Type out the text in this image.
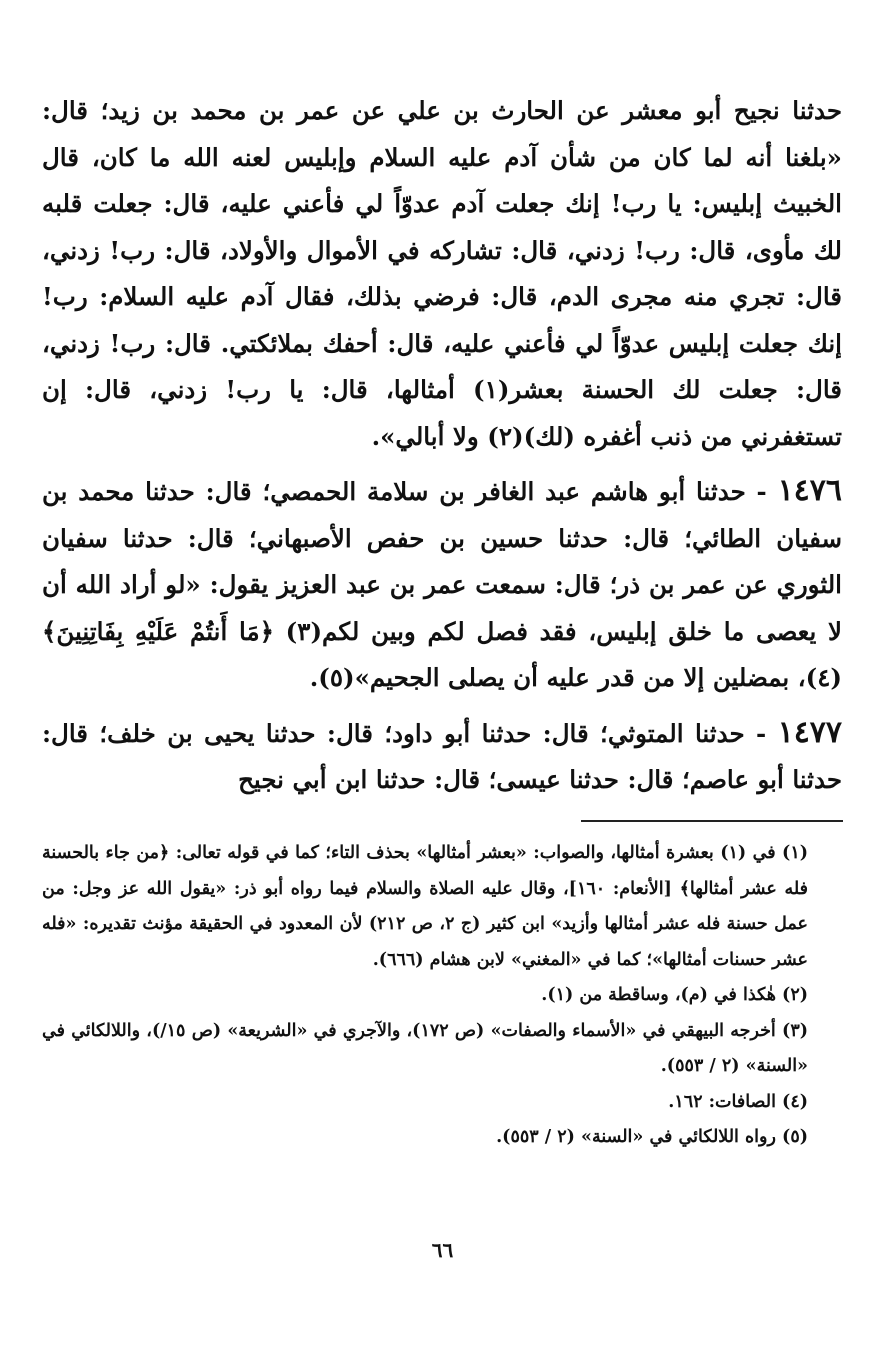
حدثنا نجيح أبو معشر عن الحارث بن علي عن عمر بن محمد بن زيد؛ قال: «بلغنا أنه لما كان من شأن آدم عليه السلام وإبليس لعنه الله ما كان، قال الخبيث إبليس: يا رب! إنك جعلت آدم عدوّاً لي فأعني عليه، قال: جعلت قلبه لك مأوى، قال: رب! زدني، قال: تشاركه في الأموال والأولاد، قال: رب! زدني، قال: تجري منه مجرى الدم، قال: فرضي بذلك، فقال آدم عليه السلام: رب! إنك جعلت إبليس عدوّاً لي فأعني عليه، قال: أحفك بملائكتي. قال: رب! زدني، قال: جعلت لك الحسنة بعشر(١) أمثالها، قال: يا رب! زدني، قال: إن تستغفرني من ذنب أغفره (لك)(٢) ولا أبالي».

١٤٧٦ - حدثنا أبو هاشم عبد الغافر بن سلامة الحمصي؛ قال: حدثنا محمد بن سفيان الطائي؛ قال: حدثنا حسين بن حفص الأصبهاني؛ قال: حدثنا سفيان الثوري عن عمر بن ذر؛ قال: سمعت عمر بن عبد العزيز يقول: «لو أراد الله أن لا يعصى ما خلق إبليس، فقد فصل لكم وبين لكم(٣) ﴿مَا أَنتُمْ عَلَيْهِ بِفَاتِنِينَ﴾(٤)، بمضلين إلا من قدر عليه أن يصلى الجحيم»(٥).

١٤٧٧ - حدثنا المتوثي؛ قال: حدثنا أبو داود؛ قال: حدثنا يحيى بن خلف؛ قال: حدثنا أبو عاصم؛ قال: حدثنا عيسى؛ قال: حدثنا ابن أبي نجيح

(١) في (١) بعشرة أمثالها، والصواب: «بعشر أمثالها» بحذف التاء؛ كما في قوله تعالى: ﴿من جاء بالحسنة فله عشر أمثالها﴾ [الأنعام: ١٦٠]، وقال عليه الصلاة والسلام فيما رواه أبو ذر: «يقول الله عز وجل: من عمل حسنة فله عشر أمثالها وأزيد» ابن كثير (ج ٢، ص ٢١٢) لأن المعدود في الحقيقة مؤنث تقديره: «فله عشر حسنات أمثالها»؛ كما في «المغني» لابن هشام (٦٦٦).

(٢) هٰكذا في (م)، وساقطة من (١).

(٣) أخرجه البيهقي في «الأسماء والصفات» (ص ١٧٢)، والآجري في «الشريعة» (ص ١٥/)، واللالكائي في «السنة» (٢ / ٥٥٣).

(٤) الصافات: ١٦٢.

(٥) رواه اللالكائي في «السنة» (٢ / ٥٥٣).

٦٦
